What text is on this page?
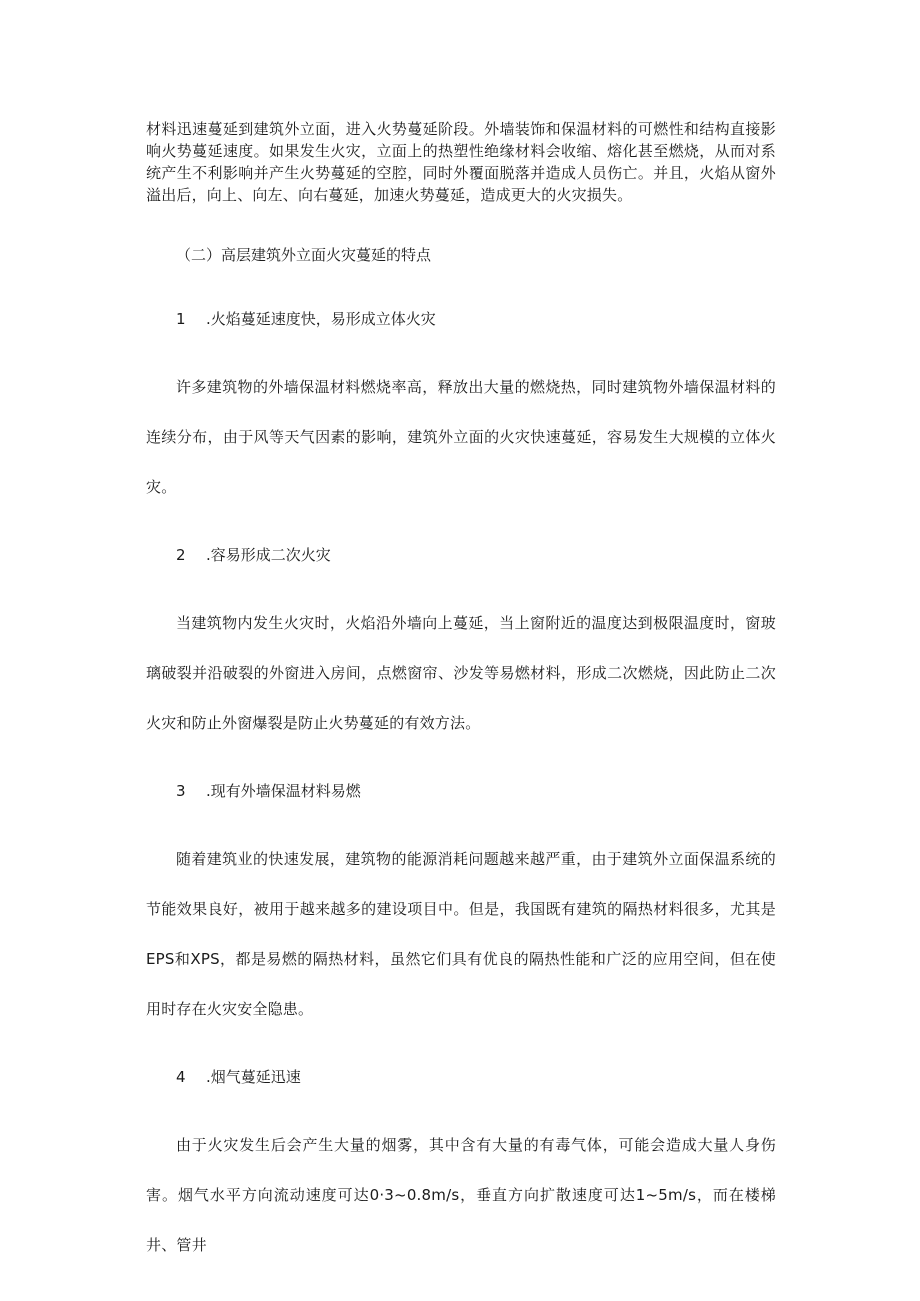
材料迅速蔓延到建筑外立面，进入火势蔓延阶段。外墙装饰和保温材料的可燃性和结构直接影响火势蔓延速度。如果发生火灾，立面上的热塑性绝缘材料会收缩、熔化甚至燃烧，从而对系统产生不利影响并产生火势蔓延的空腔，同时外覆面脱落并造成人员伤亡。并且，火焰从窗外溢出后，向上、向左、向右蔓延，加速火势蔓延，造成更大的火灾损失。

（二）高层建筑外立面火灾蔓延的特点

1 .火焰蔓延速度快，易形成立体火灾

许多建筑物的外墙保温材料燃烧率高，释放出大量的燃烧热，同时建筑物外墙保温材料的连续分布，由于风等天气因素的影响，建筑外立面的火灾快速蔓延，容易发生大规模的立体火灾。

2 .容易形成二次火灾

当建筑物内发生火灾时，火焰沿外墙向上蔓延，当上窗附近的温度达到极限温度时，窗玻璃破裂并沿破裂的外窗进入房间，点燃窗帘、沙发等易燃材料，形成二次燃烧，因此防止二次火灾和防止外窗爆裂是防止火势蔓延的有效方法。

3 .现有外墙保温材料易燃

随着建筑业的快速发展，建筑物的能源消耗问题越来越严重，由于建筑外立面保温系统的节能效果良好，被用于越来越多的建设项目中。但是，我国既有建筑的隔热材料很多，尤其是EPS和XPS，都是易燃的隔热材料，虽然它们具有优良的隔热性能和广泛的应用空间，但在使用时存在火灾安全隐患。

4 .烟气蔓延迅速

由于火灾发生后会产生大量的烟雾，其中含有大量的有毒气体，可能会造成大量人身伤害。烟气水平方向流动速度可达0·3~0.8m/s，垂直方向扩散速度可达1~5m/s，而在楼梯井、管井
